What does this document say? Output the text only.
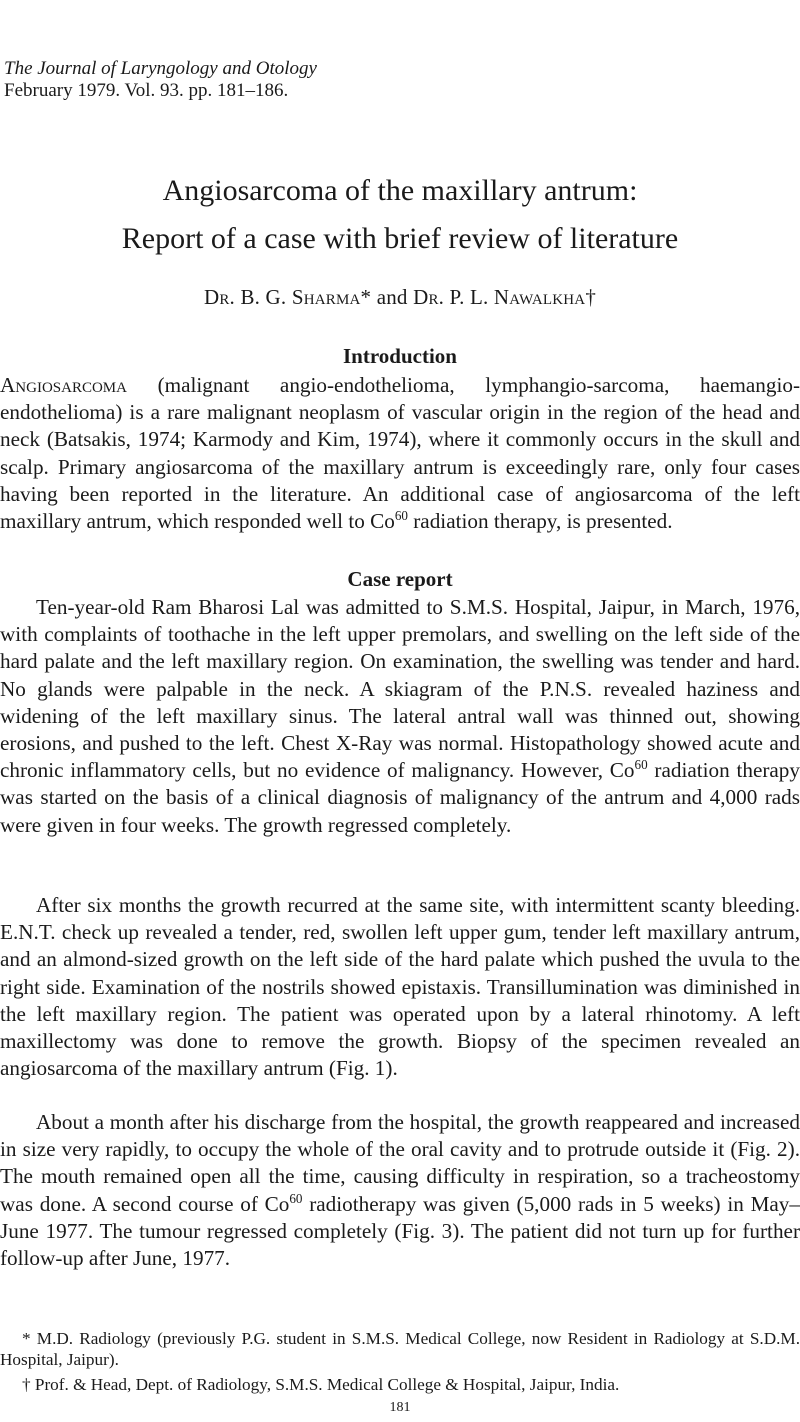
The Journal of Laryngology and Otology
February 1979. Vol. 93. pp. 181–186.
Angiosarcoma of the maxillary antrum:
Report of a case with brief review of literature
Dr. B. G. Sharma* and Dr. P. L. Nawalkha†
Introduction

Angiosarcoma (malignant angio-endothelioma, lymphangio-sarcoma, haemangio-endothelioma) is a rare malignant neoplasm of vascular origin in the region of the head and neck (Batsakis, 1974; Karmody and Kim, 1974), where it commonly occurs in the skull and scalp. Primary angiosarcoma of the maxillary antrum is exceedingly rare, only four cases having been reported in the literature. An additional case of angiosarcoma of the left maxillary antrum, which responded well to Co$^{60}$ radiation therapy, is presented.

Case report

Ten-year-old Ram Bharosi Lal was admitted to S.M.S. Hospital, Jaipur, in March, 1976, with complaints of toothache in the left upper premolars, and swelling on the left side of the hard palate and the left maxillary region. On examination, the swelling was tender and hard. No glands were palpable in the neck. A skiagram of the P.N.S. revealed haziness and widening of the left maxillary sinus. The lateral antral wall was thinned out, showing erosions, and pushed to the left. Chest X-Ray was normal. Histopathology showed acute and chronic inflammatory cells, but no evidence of malignancy. However, Co$^{60}$ radiation therapy was started on the basis of a clinical diagnosis of malignancy of the antrum and 4,000 rads were given in four weeks. The growth regressed completely.

After six months the growth recurred at the same site, with intermittent scanty bleeding. E.N.T. check up revealed a tender, red, swollen left upper gum, tender left maxillary antrum, and an almond-sized growth on the left side of the hard palate which pushed the uvula to the right side. Examination of the nostrils showed epistaxis. Transillumination was diminished in the left maxillary region. The patient was operated upon by a lateral rhinotomy. A left maxillectomy was done to remove the growth. Biopsy of the specimen revealed an angiosarcoma of the maxillary antrum (Fig. 1).

About a month after his discharge from the hospital, the growth reappeared and increased in size very rapidly, to occupy the whole of the oral cavity and to protrude outside it (Fig. 2). The mouth remained open all the time, causing difficulty in respiration, so a tracheostomy was done. A second course of Co$^{60}$ radiotherapy was given (5,000 rads in 5 weeks) in May–June 1977. The tumour regressed completely (Fig. 3). The patient did not turn up for further follow-up after June, 1977.

* M.D. Radiology (previously P.G. student in S.M.S. Medical College, now Resident in Radiology at S.D.M. Hospital, Jaipur).

† Prof. & Head, Dept. of Radiology, S.M.S. Medical College & Hospital, Jaipur, India.

181
